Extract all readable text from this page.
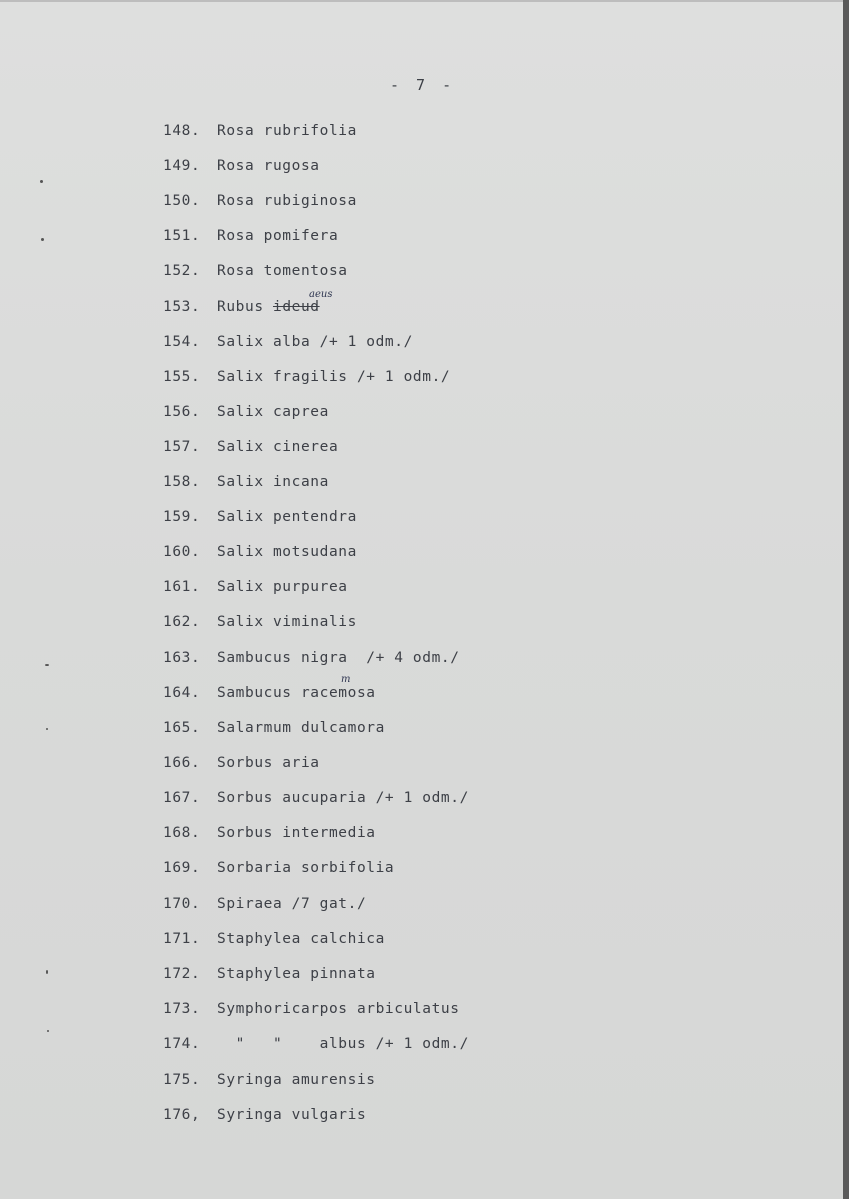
- 7 -
148. Rosa rubrifolia
149. Rosa rugosa
150. Rosa rubiginosa
151. Rosa pomifera
152. Rosa tomentosa
153. Rubus ideud
aeus
154. Salix alba /+ 1 odm./
155. Salix fragilis /+ 1 odm./
156. Salix caprea
157. Salix cinerea
158. Salix incana
159. Salix pentendra
160. Salix motsudana
161. Salix purpurea
162. Salix viminalis
163. Sambucus nigra  /+ 4 odm./
164. Sambucus racemosa
m
165. Salarmum dulcamora
166. Sorbus aria
167. Sorbus aucuparia /+ 1 odm./
168. Sorbus intermedia
169. Sorbaria sorbifolia
170. Spiraea /7 gat./
171. Staphylea calchica
172. Staphylea pinnata
173. Symphoricarpos arbiculatus
174.  "   "    albus /+ 1 odm./
175. Syringa amurensis
176, Syringa vulgaris
